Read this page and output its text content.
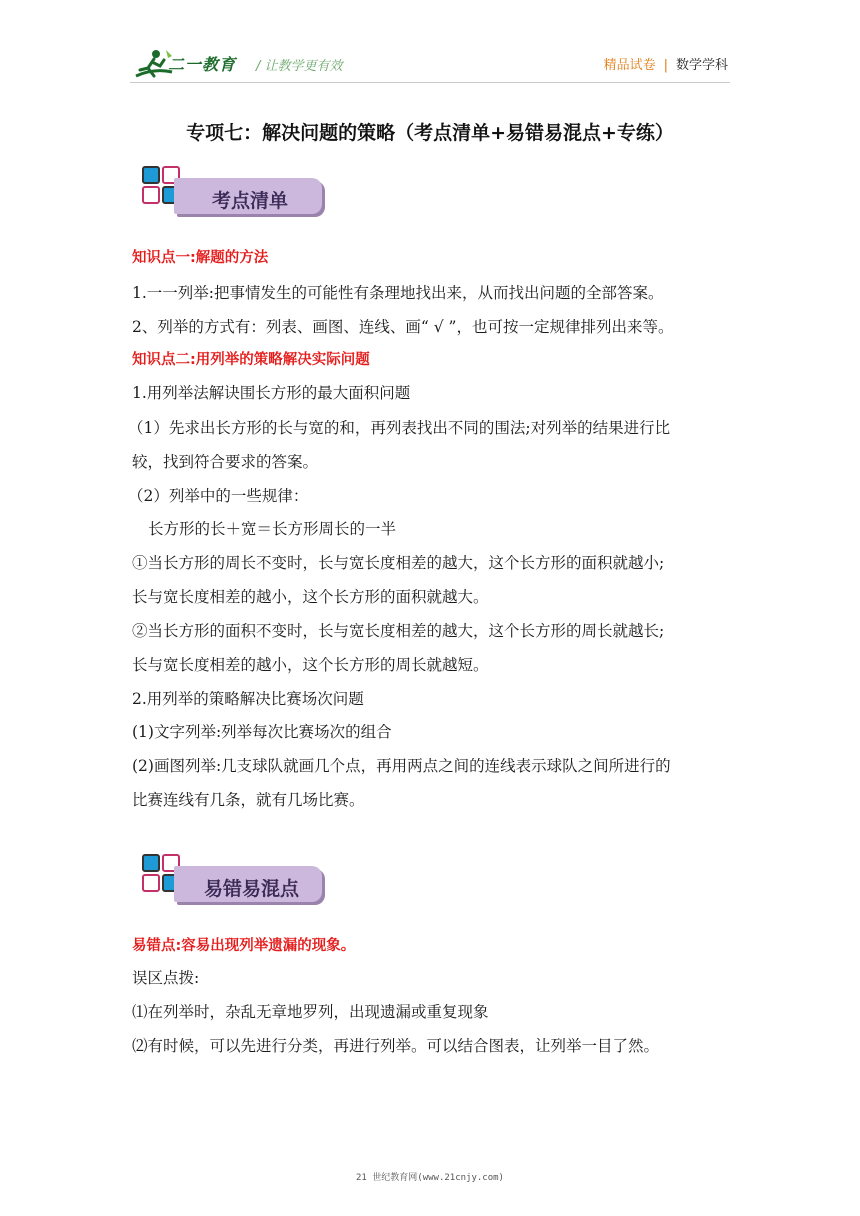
二一教育 / 让教学更有效	精品试卷 | 数学学科
专项七：解决问题的策略（考点清单+易错易混点+专练）
考点清单
知识点一:解题的方法
1.一一列举:把事情发生的可能性有条理地找出来，从而找出问题的全部答案。
2、列举的方式有：列表、画图、连线、画“ √ ”，也可按一定规律排列出来等。
知识点二:用列举的策略解决实际问题
1.用列举法解诀围长方形的最大面积问题
（1）先求出长方形的长与宽的和，再列表找出不同的围法;对列举的结果进行比
较，找到符合要求的答案。
（2）列举中的一些规律：
长方形的长＋宽＝长方形周长的一半
①当长方形的周长不变时，长与宽长度相差的越大，这个长方形的面积就越小;
长与宽长度相差的越小，这个长方形的面积就越大。
②当长方形的面积不变时，长与宽长度相差的越大，这个长方形的周长就越长;
长与宽长度相差的越小，这个长方形的周长就越短。
2.用列举的策略解决比赛场次问题
(1)文字列举:列举每次比赛场次的组合
(2)画图列举:几支球队就画几个点，再用两点之间的连线表示球队之间所进行的
比赛连线有几条，就有几场比赛。
易错易混点
易错点:容易出现列举遗漏的现象。
误区点拨:
⑴在列举时，杂乱无章地罗列，出现遗漏或重复现象
⑵有时候，可以先进行分类，再进行列举。可以结合图表，让列举一目了然。
21 世纪教育网(www.21cnjy.com)
